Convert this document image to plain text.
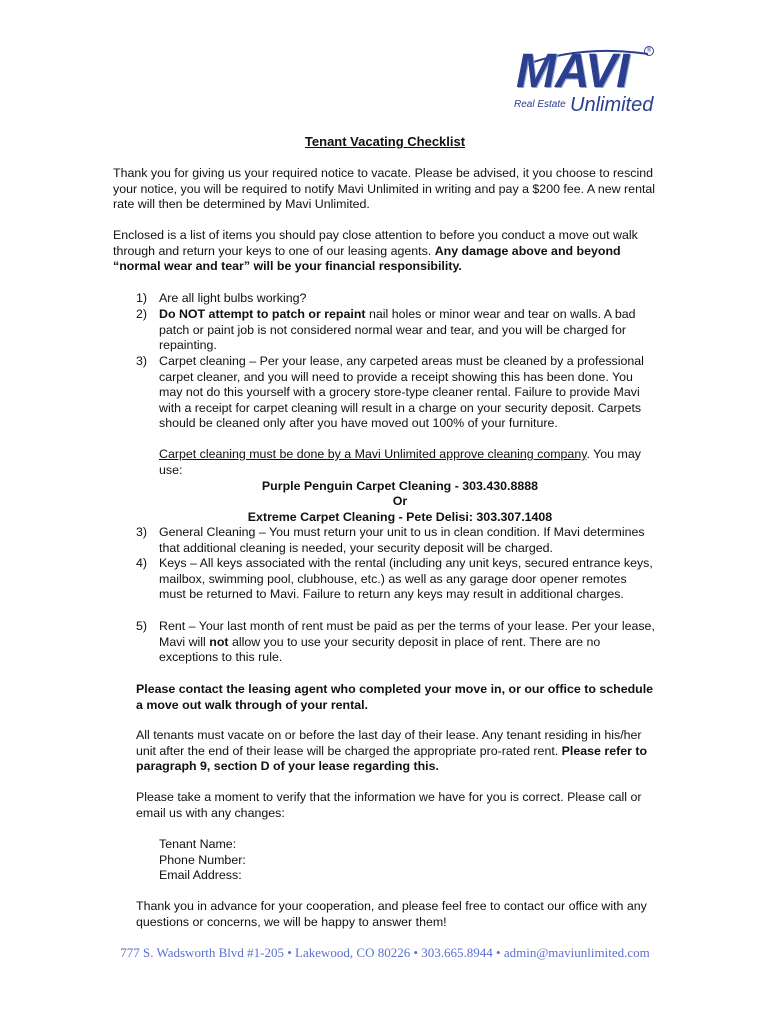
MAVI	®
Real Estate Unlimited
Tenant Vacating Checklist
Thank you for giving us your required notice to vacate. Please be advised, it you choose to rescind your notice, you will be required to notify Mavi Unlimited in writing and pay a $200 fee. A new rental rate will then be determined by Mavi Unlimited.
Enclosed is a list of items you should pay close attention to before you conduct a move out walk through and return your keys to one of our leasing agents. Any damage above and beyond “normal wear and tear” will be your financial responsibility.
1) Are all light bulbs working?
2) Do NOT attempt to patch or repaint nail holes or minor wear and tear on walls. A bad patch or paint job is not considered normal wear and tear, and you will be charged for repainting.
3) Carpet cleaning – Per your lease, any carpeted areas must be cleaned by a professional carpet cleaner, and you will need to provide a receipt showing this has been done. You may not do this yourself with a grocery store-type cleaner rental. Failure to provide Mavi with a receipt for carpet cleaning will result in a charge on your security deposit. Carpets should be cleaned only after you have moved out 100% of your furniture.
Carpet cleaning must be done by a Mavi Unlimited approve cleaning company. You may use:
Purple Penguin Carpet Cleaning - 303.430.8888
Or
Extreme Carpet Cleaning - Pete Delisi: 303.307.1408
3) General Cleaning – You must return your unit to us in clean condition. If Mavi determines that additional cleaning is needed, your security deposit will be charged.
4) Keys – All keys associated with the rental (including any unit keys, secured entrance keys, mailbox, swimming pool, clubhouse, etc.) as well as any garage door opener remotes must be returned to Mavi. Failure to return any keys may result in additional charges.
5) Rent – Your last month of rent must be paid as per the terms of your lease. Per your lease, Mavi will not allow you to use your security deposit in place of rent. There are no exceptions to this rule.
Please contact the leasing agent who completed your move in, or our office to schedule a move out walk through of your rental.
All tenants must vacate on or before the last day of their lease. Any tenant residing in his/her unit after the end of their lease will be charged the appropriate pro-rated rent. Please refer to paragraph 9, section D of your lease regarding this.
Please take a moment to verify that the information we have for you is correct. Please call or email us with any changes:
Tenant Name:
Phone Number:
Email Address:
Thank you in advance for your cooperation, and please feel free to contact our office with any questions or concerns, we will be happy to answer them!
777 S. Wadsworth Blvd #1-205 • Lakewood, CO 80226 • 303.665.8944 • admin@maviunlimited.com
